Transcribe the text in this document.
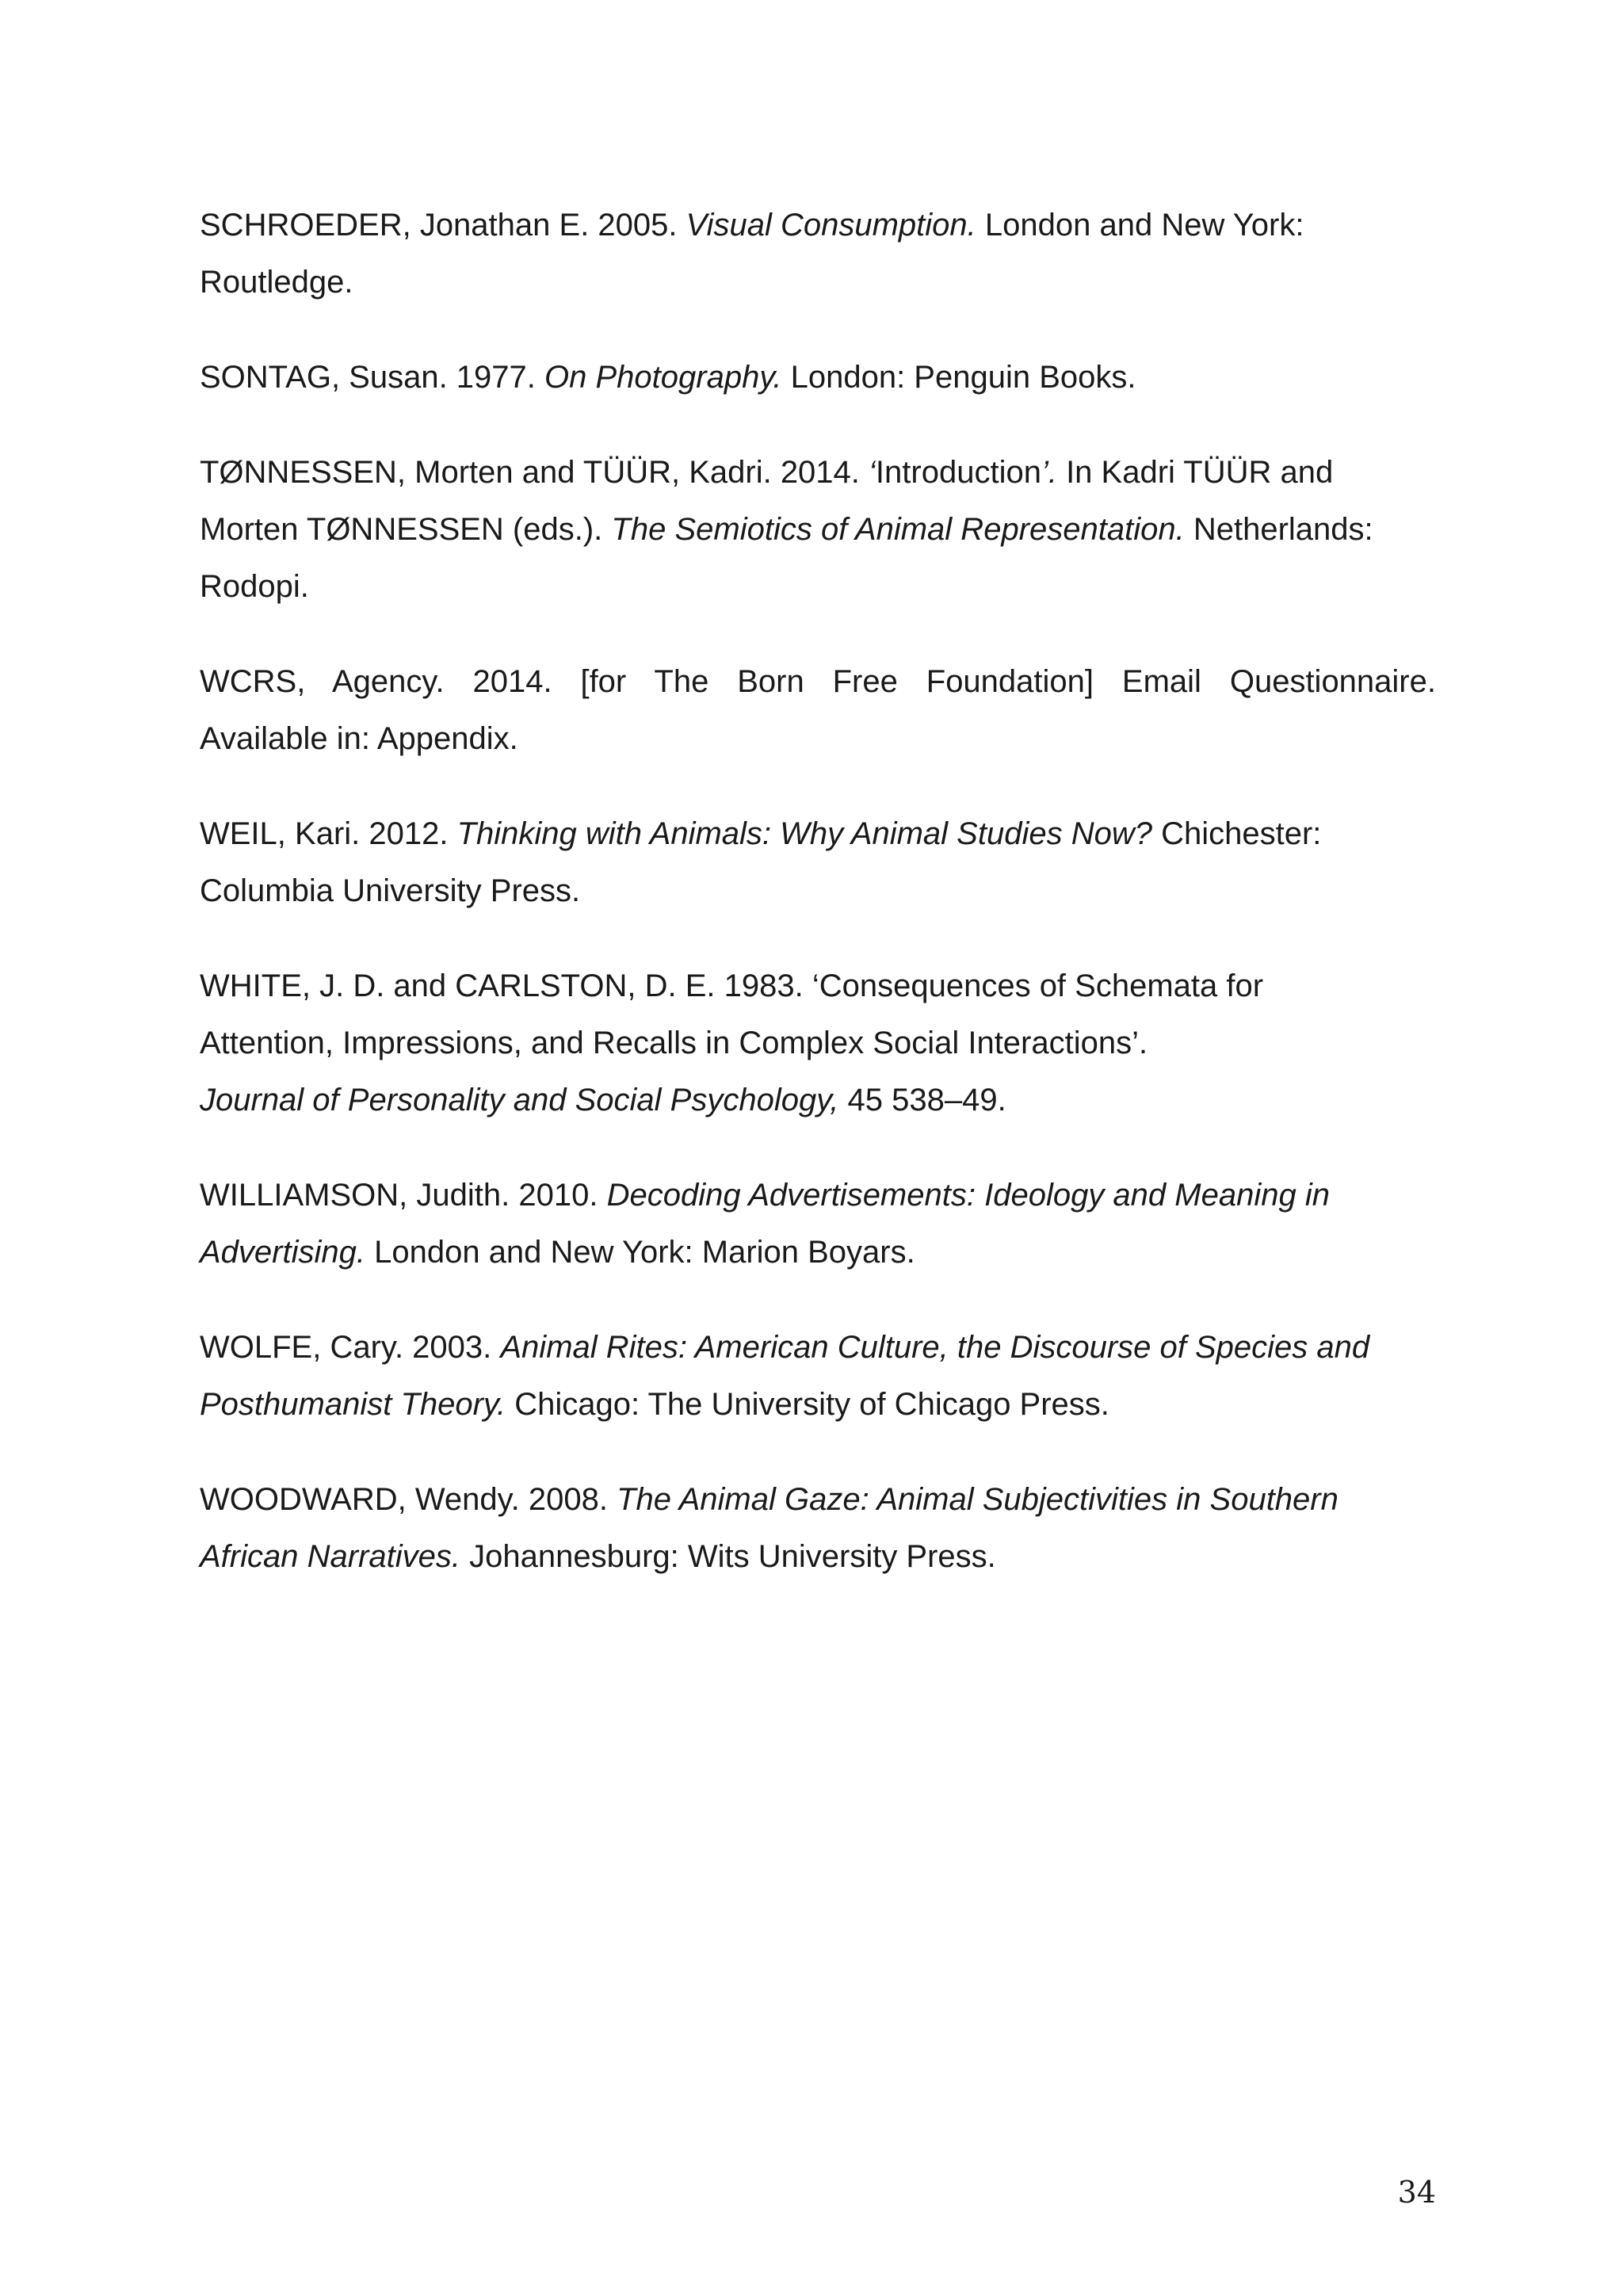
SCHROEDER, Jonathan E. 2005. Visual Consumption. London and New York:
Routledge.

SONTAG, Susan. 1977. On Photography. London: Penguin Books.

TØNNESSEN, Morten and TÜÜR, Kadri. 2014. ‘Introduction’. In Kadri TÜÜR and
Morten TØNNESSEN (eds.). The Semiotics of Animal Representation. Netherlands:
Rodopi.

WCRS, Agency. 2014. [for The Born Free Foundation] Email Questionnaire.
Available in: Appendix.

WEIL, Kari. 2012. Thinking with Animals: Why Animal Studies Now? Chichester:
Columbia University Press.

WHITE, J. D. and CARLSTON, D. E. 1983. ‘Consequences of Schemata for
Attention, Impressions, and Recalls in Complex Social Interactions’.
Journal of Personality and Social Psychology, 45 538–49.

WILLIAMSON, Judith. 2010. Decoding Advertisements: Ideology and Meaning in
Advertising. London and New York: Marion Boyars.

WOLFE, Cary. 2003. Animal Rites: American Culture, the Discourse of Species and
Posthumanist Theory. Chicago: The University of Chicago Press.

WOODWARD, Wendy. 2008. The Animal Gaze: Animal Subjectivities in Southern
African Narratives. Johannesburg: Wits University Press.

34
